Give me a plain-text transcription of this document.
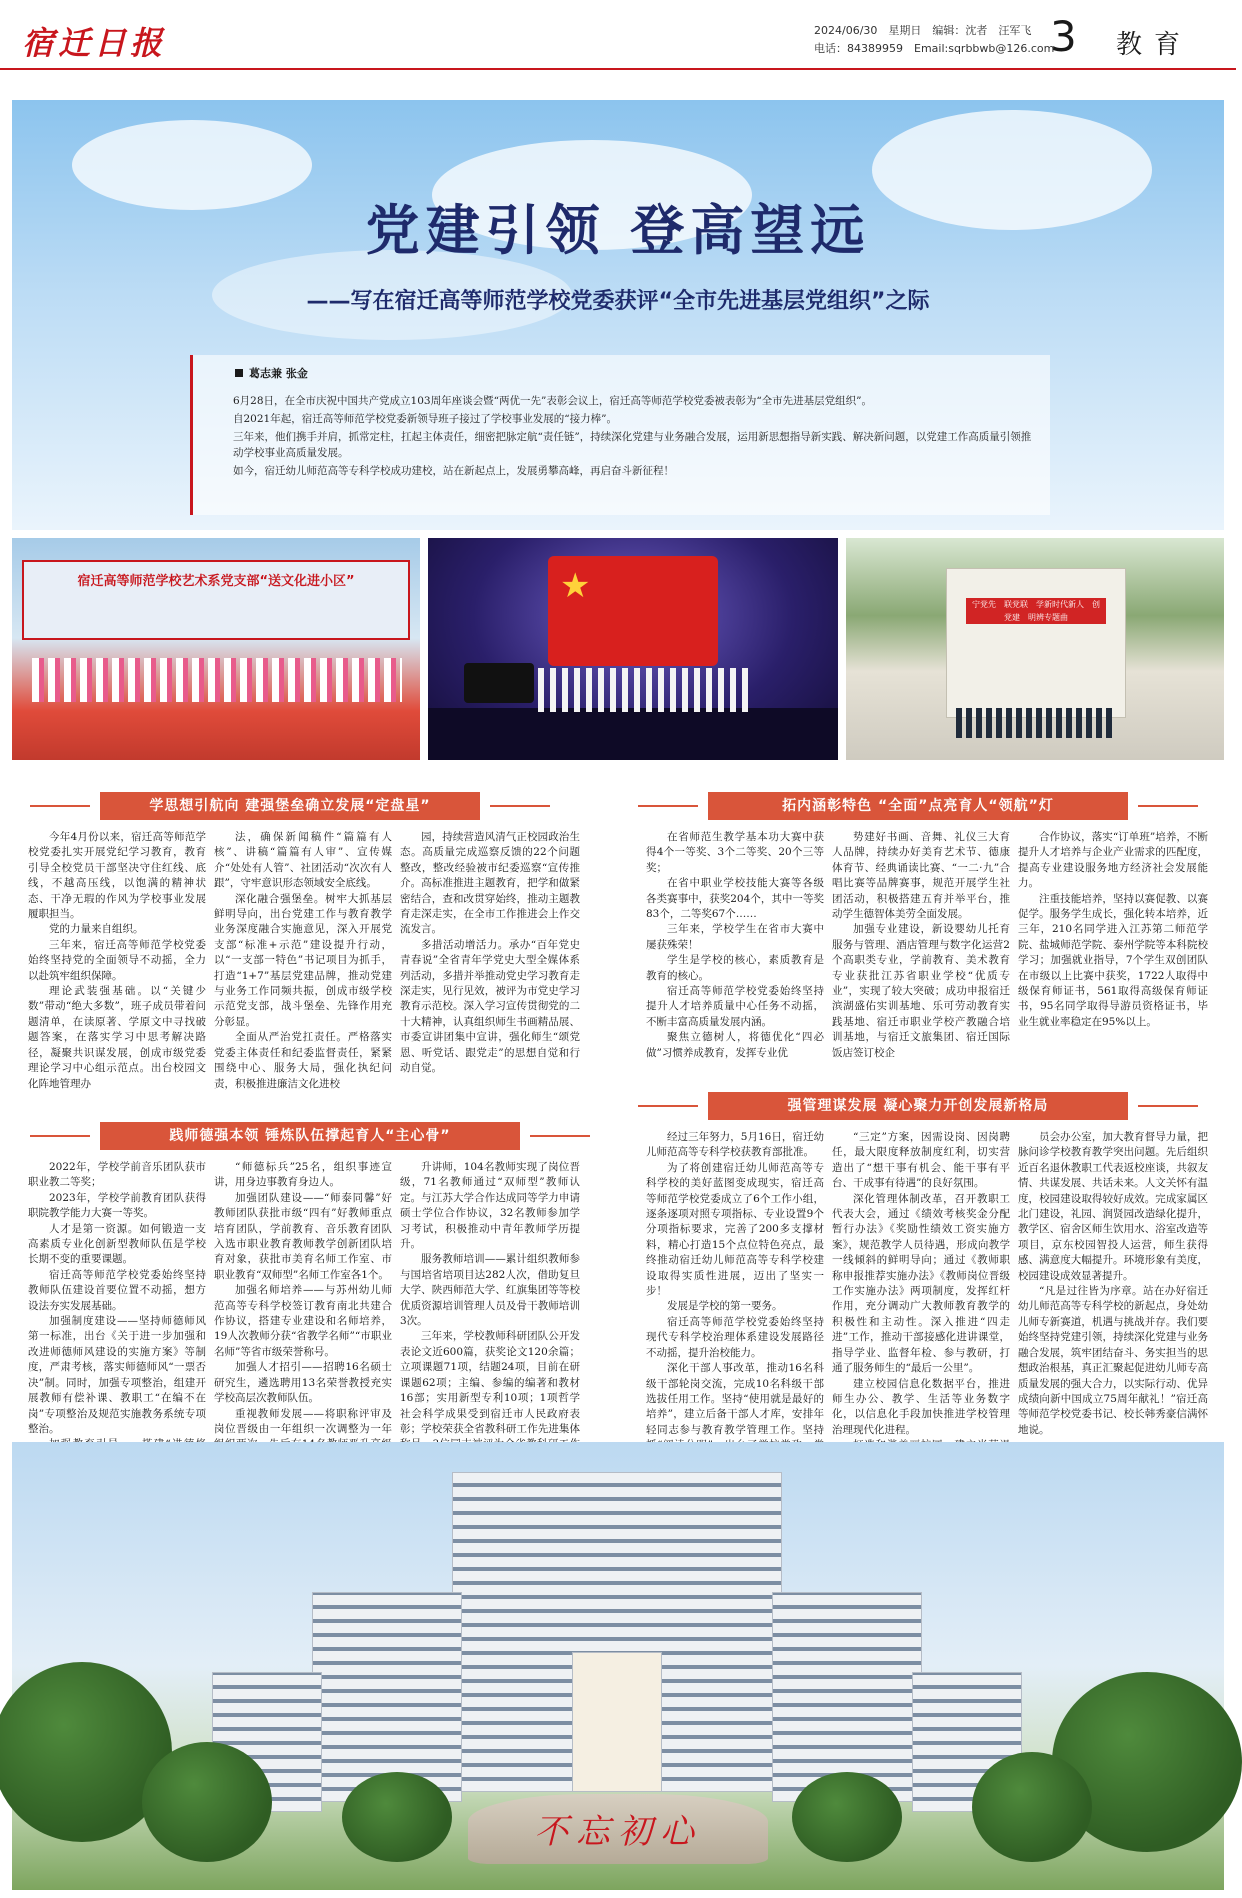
宿迁日报	2024/06/30　星期日　编辑：沈者　汪军飞
电话：84389959　Email:sqrbbwb@126.com
3 教育
党建引领 登高望远
——写在宿迁高等师范学校党委获评“全市先进基层党组织”之际
葛志兼 张金
6月28日，在全市庆祝中国共产党成立103周年座谈会暨“两优一先”表彰会议上，宿迁高等师范学校党委被表彰为“全市先进基层党组织”。
自2021年起，宿迁高等师范学校党委新领导班子接过了学校事业发展的“接力棒”。
三年来，他们携手并肩，抓常定柱，扛起主体责任，细密把脉定航“责任链”，持续深化党建与业务融合发展，运用新思想指导新实践、解决新问题，以党建工作高质量引领推动学校事业高质量发展。
如今，宿迁幼儿师范高等专科学校成功建校，站在新起点上，发展勇攀高峰，再启奋斗新征程！
宿迁高等师范学校艺术系党支部“送文化进小区”	★	宁党先　联党联　学新时代新人　创党建　明辨专题曲
学思想引航向 建强堡垒确立发展“定盘星”

今年4月份以来，宿迁高等师范学校党委扎实开展党纪学习教育，教育引导全校党员干部坚决守住红线、底线，不越高压线，以饱满的精神状态、干净无瑕的作风为学校事业发展履职担当。

党的力量来自组织。

三年来，宿迁高等师范学校党委始终坚持党的全面领导不动摇，全力以赴筑牢组织保障。

理论武装强基础。以“关键少数”带动“绝大多数”，班子成员带着问题清单，在读原著、学原文中寻找破题答案，在落实学习中思考解决路径，凝聚共识谋发展，创成市级党委理论学习中心组示范点。出台校园文化阵地管理办

法，确保新闻稿件“篇篇有人核”、讲稿“篇篇有人审”、宣传媒介“处处有人管”、社团活动“次次有人跟”，守牢意识形态领域安全底线。

深化融合强堡垒。树牢大抓基层鲜明导向，出台党建工作与教育教学业务深度融合实施意见，深入开展党支部“标准+示范”建设提升行动，以“一支部一特色”书记项目为抓手，打造“1+7”基层党建品牌，推动党建与业务工作同频共振，创成市级学校示范党支部，战斗堡垒、先锋作用充分彰显。

全面从严治党扛责任。严格落实党委主体责任和纪委监督责任，紧紧围绕中心、服务大局，强化执纪问责，积极推进廉洁文化进校

园，持续营造风清气正校园政治生态。高质量完成巡察反馈的22个问题整改，整改经验被市纪委巡察“宣传推介。高标准推进主题教育，把学和做紧密结合，查和改贯穿始终，推动主题教育走深走实，在全市工作推进会上作交流发言。

多措活动增活力。承办“百年党史青春说”全省青年学党史大型全媒体系列活动，多措并举推动党史学习教育走深走实，见行见效，被评为市党史学习教育示范校。深入学习宣传贯彻党的二十大精神，认真组织师生书画精品展、市委宣讲团集中宣讲，强化师生“颂党恩、听党话、跟党走”的思想自觉和行动自觉。

拓内涵彰特色 “全面”点亮育人“领航”灯

在省师范生教学基本功大赛中获得4个一等奖、3个二等奖、20个三等奖；

在省中职业学校技能大赛等各级各类赛事中，获奖204个，其中一等奖83个，二等奖67个……

三年来，学校学生在省市大赛中屡获殊荣！

学生是学校的核心，素质教育是教育的核心。

宿迁高等师范学校党委始终坚持提升人才培养质量中心任务不动摇，不断丰富高质量发展内涵。

聚焦立德树人，将德优化“四必做”习惯养成教育，发挥专业优

势建好书画、音舞、礼仪三大育人品牌，持续办好美育艺术节、德康体育节、经典诵读比赛、“一二·九”合唱比赛等品牌赛事，规范开展学生社团活动，积极搭建五育并举平台，推动学生德智体美劳全面发展。

加强专业建设，新设婴幼儿托育服务与管理、酒店管理与数字化运营2个高职类专业，学前教育、美术教育专业获批江苏省职业学校“优质专业”，实现了较大突破；成功申报宿迁滨湖盛佑实训基地、乐可劳动教育实践基地、宿迁市职业学校产教融合培训基地，与宿迁文旅集团、宿迁国际饭店签订校企

合作协议，落实“订单班”培养，不断提升人才培养与企业产业需求的匹配度，提高专业建设服务地方经济社会发展能力。

注重技能培养，坚持以赛促教、以赛促学。服务学生成长，强化转本培养，近三年，210名同学进入江苏第二师范学院、盐城师范学院、泰州学院等本科院校学习；加强就业指导，7个学生双创团队在市级以上比赛中获奖，1722人取得中级保育师证书，561取得高级保育师证书，95名同学取得导游员资格证书，毕业生就业率稳定在95%以上。

强管理谋发展 凝心聚力开创发展新格局
践师德强本领 锤炼队伍撑起育人“主心骨”

2022年，学校学前音乐团队获市职业教二等奖；

2023年，学校学前教育团队获得职院教学能力大赛一等奖。

人才是第一资源。如何锻造一支高素质专业化创新型教师队伍是学校长期不变的重要课题。

宿迁高等师范学校党委始终坚持教师队伍建设首要位置不动摇，想方设法夯实发展基础。

加强制度建设——坚持师德师风第一标准，出台《关于进一步加强和改进师德师风建设的实施方案》等制度，严肃考核，落实师德师风“一票否决”制。同时，加强专项整治，组建开展教师有偿补课、教职工“在编不在岗”专项整治及规范实施教务系统专项整治。

“师德标兵”25名，组织事迹宣讲，用身边事教育身边人。

加强团队建设——“师泰同馨”好教师团队获批市级“四有”好教师重点培育团队，学前教育、音乐教育团队入选市职业教育教师教学创新团队培育对象，获批市美育名师工作室、市职业教育“双师型”名师工作室各1个。

加强名师培养——与苏州幼儿师范高等专科学校签订教育南北共建合作协议，搭建专业建设和名师培养，19人次教师分获“省教学名师”“市职业名师”等省市级荣誉称号。

加强人才招引——招聘16名硕士研究生，遴选聘用13名荣誉教授充实学校高层次教师队伍。

重视教师发展——将职称评审及岗位晋级由一年组织一次调整为一年

升讲师，104名教师实现了岗位晋级，71名教师通过“双师型”教师认定。与江苏大学合作达成同等学力申请硕士学位合作协议，32名教师参加学习考试，积极推动中青年教师学历提升。

服务教师培训——累计组织教师参与国培省培项目达282人次，借助复旦大学、陕西师范大学、红旗集团等等校优质资源培训管理人员及骨干教师培训3次。

三年来，学校教师科研团队公开发表论文近600篇，获奖论文120余篇；立项课题71项，结题24项，目前在研课题62项；主编、参编的编著和教材16部；实用新型专利10项；1项哲学社会科学成果受到宿迁市人民政府表彰；学校荣获全省教科研工作先进集体

经过三年努力，5月16日，宿迁幼儿师范高等专科学校获教育部批准。

为了将创建宿迁幼儿师范高等专科学校的美好蓝图变成现实，宿迁高等师范学校党委成立了6个工作小组，逐条逐项对照专项指标、专业设置9个分项指标要求，完善了200多支撑材料，精心打造15个点位特色亮点，最终推动宿迁幼儿师范高等专科学校建设取得实质性进展，迈出了坚实一步！

发展是学校的第一要务。

宿迁高等师范学校党委始终坚持现代专科学校治理体系建设发展路径不动摇，提升治校能力。

深化干部人事改革，推动16名科级干部轮岗交流，完成10名科级干部选拔任用工作。坚持“使用就是最好的培养”，建立后备干部人才库，安排年轻同志参与教育教学管理工作。坚持

“三定”方案，因需设岗、因岗聘任，最大限度释放制度红利，切实营造出了“想干事有机会、能干事有平台、干成事有待遇”的良好氛围。

深化管理体制改革，召开教职工代表大会，通过《绩效考核奖金分配暂行办法》《奖励性绩效工资实施方案》，规范教学人员待遇，形成向教学一线倾斜的鲜明导向；通过《教师职称申报推荐实施办法》《教师岗位晋级工作实施办法》两项制度，发挥红杆作用，充分调动广大教师教育教学的积极性和主动性。深入推进“四走进”工作，推动干部接感化进讲课堂，指导学业、监督年检、参与教研，打通了服务师生的“最后一公里”。

建立校园信息化数据平台，推进师生办公、教学、生活等业务数字化，以信息化手段加快推进学校管理治理现代化进程。

员会办公室，加大教育督导力量，把脉问诊学校教育教学突出问题。先后组织近百名退休教职工代表返校座谈，共叙友情、共谋发展、共话未来。人文关怀有温度，校园建设取得较好成效。完成家属区北门建设，礼园、润贤园改造绿化提升，教学区、宿舍区师生饮用水、浴室改造等项目，京东校园智投人运营，师生获得感、满意度大幅提升。环境形象有美度，校园建设成效显著提升。

“凡是过往皆为序章。站在办好宿迁幼儿师范高等专科学校的新起点，身处幼儿师专新赛道，机遇与挑战并存。我们要始终坚持党建引领，持续深化党建与业务融合发展，筑牢团结奋斗、务实担当的思想政治根基，真正汇聚起促进幼儿师专高质量发展的强大合力，以实际行动、优异成绩向新中国成立75周年献礼！”宿迁高等师范学校党委书记、校长韩秀豪信满怀地说。

不忘初心
